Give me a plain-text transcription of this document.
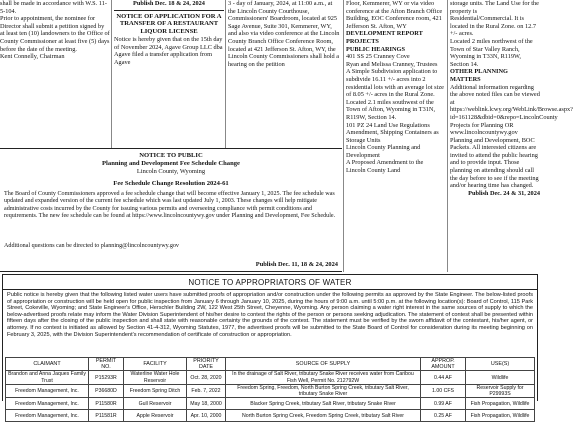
shall be made in accordance with W.S. 11-5-104.

Prior to appointment, the nominee for Director shall submit a petition signed by at least ten (10) landowners to the Office of County Commissioner at least five (5) days before the date of the meeting.

Kent Connelly, Chairman

Publish Dec. 18 & 24, 2024

NOTICE OF APPLICATION FOR A TRANSFER OF A RESTAURANT LIQUOR LICENSE

Notice is hereby given that on the 15th day of November 2024, Agave Group LLC dba Agave filed a transfer application from Agave

3 - day of January, 2024, at 11:00 a.m., at the Lincoln County Courthouse, Commissioners' Boardroom, located at 925 Sage Avenue, Suite 301, Kemmerer, WY, and also via video conference at the Lincoln County Branch Office Conference Room, located at 421 Jefferson St. Afton, WY, the Lincoln County Commissioners shall hold a hearing on the petition

Floor, Kemmerer, WY or via video conference at the Afton Branch Office Building, EOC Conference room, 421 Jefferson St. Afton, WY

DEVELOPMENT REPORT

PROJECTS

PUBLIC HEARINGS

401 SS 25 Cranney Cove

Ryan and Melissa Cranney, Trustees

A Simple Subdivision application to subdivide 16.11 +/- acres into 2 residential lots with an average lot size of 8.05 +/- acres in the Rural Zone.

Located 2.1 miles southwest of the Town of Afton, Wyoming in T31N, R119W, Section 14.

101 PZ 24 Land Use Regulations Amendment, Shipping Containers as Storage Units

Lincoln County Planning and Development

A Proposed Amendment to the Lincoln County Land

storage units. The Land Use for the property is Residential/Commercial. It is located in the Rural Zone. on 12.7 +/- acres.

Located 2 miles northwest of the Town of Star Valley Ranch, Wyoming in T33N, R119W, Section 14.

OTHER PLANNING MATTERS

Additional information regarding the above noted files can be viewed at https://weblink.lcwy.org/WebLink/Browse.aspx?id=161128&dbid=0&repo=LincolnCounty

Projects for Planning OR www.lincolncountywy.gov Planning and Development, BOC Packets. All interested citizens are invited to attend the public hearing and to provide input. Those planning on attending should call the day before to see if the meeting and/or hearing time has changed.

Publish Dec. 24 & 31, 2024

NOTICE TO PUBLIC
Planning and Development Fee Schedule Change
Lincoln County, Wyoming
Fee Schedule Change Resolution 2024-61
The Board of County Commissioners approved a fee schedule change that will become effective January 1, 2025. The fee schedule was updated and expanded version of the current fee schedule which was last updated July 1, 2003. These changes will help mitigate administrative costs incurred by the County for issuing various permits and overseeing compliance with permit conditions and requirements. The new fee schedule can be found at https://www.lincolncountywy.gov under Planning and Development, Fee Schedule.
Additional questions can be directed to planning@lincolncountywy.gov
Publish Dec. 11, 18 & 24, 2024
NOTICE TO APPROPRIATORS OF WATER
Public notice is hereby given that the following listed water users have submitted proofs of appropriation and/or construction under the following permits as approved by the State Engineer. The below-listed proofs of appropriation or construction will be held open for public inspection from January 6 through January 10, 2025, during the hours of 9:00 a.m. until 5:00 p.m. at the following location(s): Board of Control, 115 Park Street, Cokeville, Wyoming; and State Engineer's Office, Herschler Building 2W, 122 West 25th Street, Cheyenne, Wyoming. Any person claiming a water right interest in the same sources of supply to which the below-advertised proofs relate may inform the Water Division Superintendent of his/her desire to contest the rights of the person or persons seeking adjudication. The statement of contest shall be presented within fifteen days after the closing of the public inspection and shall state with reasonable certainty the grounds of the contest. The statement must be verified by the sworn affidavit of the contestant, his/her agent, or attorney. If no contest is initiated as allowed by Section 41-4-312, Wyoming Statutes, 1977, the advertised proofs will be submitted to the State Board of Control for consideration during its meeting beginning on February 3, 2025, with the Division Superintendent's recommendation of certificate of construction or appropriation.
CLAIMANT	PERMIT NO.	FACILITY	PRIORITY DATE	SOURCE OF SUPPLY	APPROP. AMOUNT	USE(S)
Brandon and Anna Jaques Family Trust	P15293R	Waterline Water Hole Reservoir	Oct. 28, 2020	In the drainage of Salt River, tributary Snake River receives water from Caribou Fish Well, Permit No. 212792W	0.44 AF	Wildlife
Freedom Management, Inc.	P36680D	Freedom Spring Ditch	Feb. 7, 2022	Freedom Spring, Freedom, North Burton Spring Creek, tributary Salt River, tributary Snake River	1.00 CFS	Reservoir Supply for P29993S
Freedom Management, Inc.	P11580R	Gull Reservoir	May 18, 2000	Blacker Spring Creek, tributary Salt River, tributary Snake River	0.99 AF	Fish Propagation, Wildlife
Freedom Management, Inc.	P11581R	Apple Reservoir	Apr. 10, 2000	North Burton Spring Creek, Freedom Spring Creek, tributary Salt River	0.25 AF	Fish Propagation, Wildlife
